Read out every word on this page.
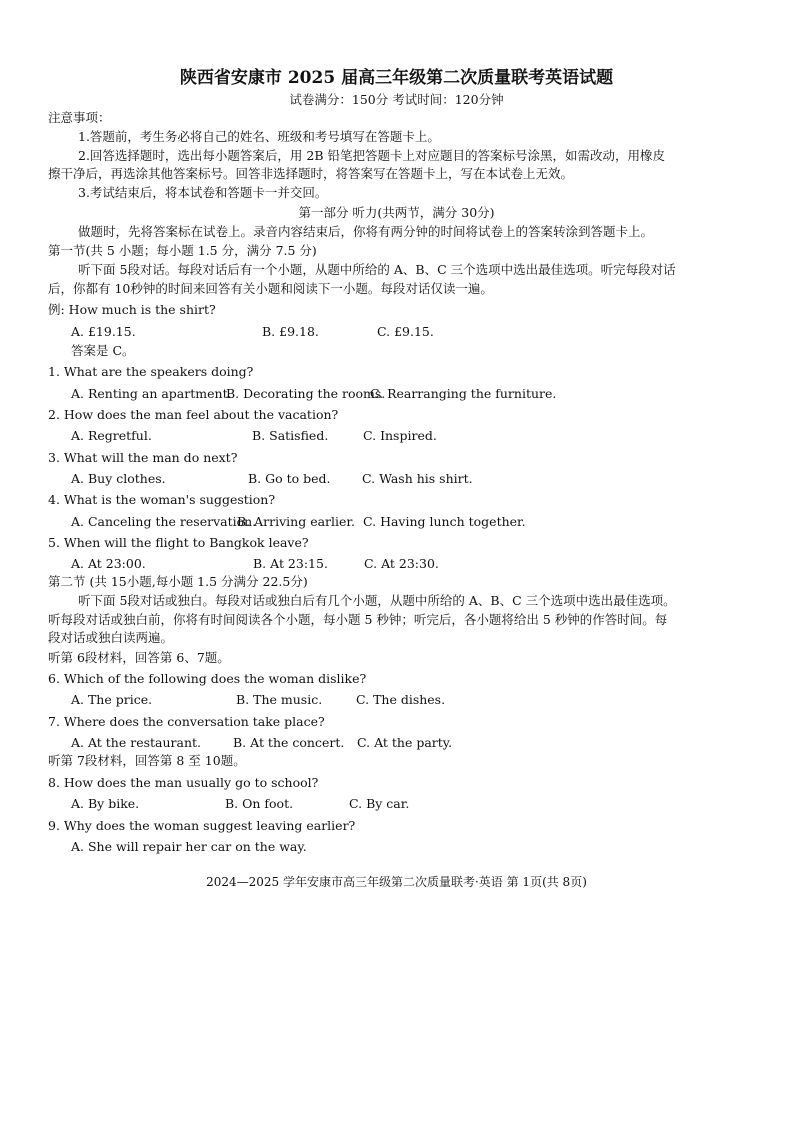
陕西省安康市 2025 届高三年级第二次质量联考英语试题
试卷满分：150分 考试时间：120分钟
注意事项：
1.答题前，考生务必将自己的姓名、班级和考号填写在答题卡上。
2.回答选择题时，选出每小题答案后，用 2B 铅笔把答题卡上对应题目的答案标号涂黑，如需改动，用橡皮
擦干净后，再选涂其他答案标号。回答非选择题时，将答案写在答题卡上，写在本试卷上无效。
3.考试结束后，将本试卷和答题卡一并交回。
第一部分 听力(共两节，满分 30分)
做题时，先将答案标在试卷上。录音内容结束后，你将有两分钟的时间将试卷上的答案转涂到答题卡上。
第一节(共 5 小题；每小题 1.5 分，满分 7.5 分)
听下面 5段对话。每段对话后有一个小题，从题中所给的 A、B、C 三个选项中选出最佳选项。听完每段对话
后，你都有 10秒钟的时间来回答有关小题和阅读下一小题。每段对话仅读一遍。
例: How much is the shirt?
A. £19.15.	B. £9.18.	C. £9.15.
答案是 C。
1. What are the speakers doing?
A. Renting an apartment.
B. Decorating the rooms.
C. Rearranging the furniture.
2. How does the man feel about the vacation?
A. Regretful.	B. Satisfied.	C. Inspired.
3. What will the man do next?
A. Buy clothes.	B. Go to bed.	C. Wash his shirt.
4. What is the woman's suggestion?
A. Canceling the reservation.
B. Arriving earlier. C. Having lunch together.
5. When will the flight to Bangkok leave?
A. At 23:00.	B. At 23:15.	C. At 23:30.
第二节 (共 15小题,每小题 1.5 分满分 22.5分)
听下面 5段对话或独白。每段对话或独白后有几个小题，从题中所给的 A、B、C 三个选项中选出最佳选项。
听每段对话或独白前，你将有时间阅读各个小题，每小题 5 秒钟；听完后，各小题将给出 5 秒钟的作答时间。每
段对话或独白读两遍。
听第 6段材料，回答第 6、7题。
6. Which of the following does the woman dislike?
A. The price.	B. The music.	C. The dishes.
7. Where does the conversation take place?
A. At the restaurant.	B. At the concert. C. At the party.
听第 7段材料，回答第 8 至 10题。
8. How does the man usually go to school?
A. By bike.	B. On foot.	C. By car.
9. Why does the woman suggest leaving earlier?
A. She will repair her car on the way.
2024—2025 学年安康市高三年级第二次质量联考·英语 第 1页(共 8页)
